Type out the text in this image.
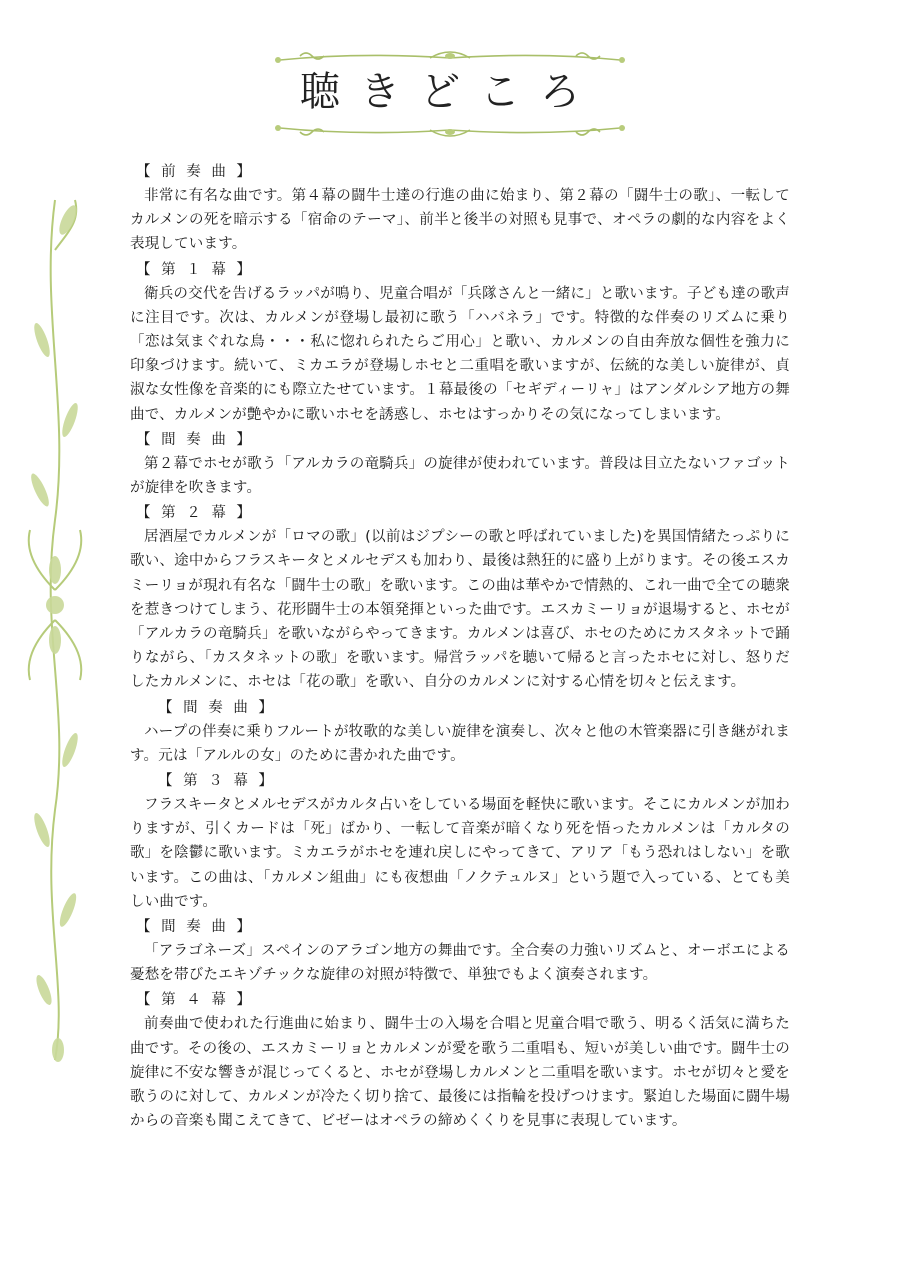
聴きどころ

【 前 奏 曲 】

非常に有名な曲です。第４幕の闘牛士達の行進の曲に始まり、第２幕の「闘牛士の歌」、一転してカルメンの死を暗示する「宿命のテーマ」、前半と後半の対照も見事で、オペラの劇的な内容をよく表現しています。

【 第 １ 幕 】

衛兵の交代を告げるラッパが鳴り、児童合唱が「兵隊さんと一緒に」と歌います。子ども達の歌声に注目です。次は、カルメンが登場し最初に歌う「ハバネラ」です。特徴的な伴奏のリズムに乗り「恋は気まぐれな鳥・・・私に惚れられたらご用心」と歌い、カルメンの自由奔放な個性を強力に印象づけます。続いて、ミカエラが登場しホセと二重唱を歌いますが、伝統的な美しい旋律が、貞淑な女性像を音楽的にも際立たせています。１幕最後の「セギディーリャ」はアンダルシア地方の舞曲で、カルメンが艶やかに歌いホセを誘惑し、ホセはすっかりその気になってしまいます。

【 間 奏 曲 】

第２幕でホセが歌う「アルカラの竜騎兵」の旋律が使われています。普段は目立たないファゴットが旋律を吹きます。

【 第 ２ 幕 】

居酒屋でカルメンが「ロマの歌」(以前はジプシーの歌と呼ばれていました)を異国情緒たっぷりに歌い、途中からフラスキータとメルセデスも加わり、最後は熱狂的に盛り上がります。その後エスカミーリョが現れ有名な「闘牛士の歌」を歌います。この曲は華やかで情熱的、これ一曲で全ての聴衆を惹きつけてしまう、花形闘牛士の本領発揮といった曲です。エスカミーリョが退場すると、ホセが「アルカラの竜騎兵」を歌いながらやってきます。カルメンは喜び、ホセのためにカスタネットで踊りながら、「カスタネットの歌」を歌います。帰営ラッパを聴いて帰ると言ったホセに対し、怒りだしたカルメンに、ホセは「花の歌」を歌い、自分のカルメンに対する心情を切々と伝えます。

【 間 奏 曲 】

ハープの伴奏に乗りフルートが牧歌的な美しい旋律を演奏し、次々と他の木管楽器に引き継がれます。元は「アルルの女」のために書かれた曲です。

【 第 ３ 幕 】

フラスキータとメルセデスがカルタ占いをしている場面を軽快に歌います。そこにカルメンが加わりますが、引くカードは「死」ばかり、一転して音楽が暗くなり死を悟ったカルメンは「カルタの歌」を陰鬱に歌います。ミカエラがホセを連れ戻しにやってきて、アリア「もう恐れはしない」を歌います。この曲は、「カルメン組曲」にも夜想曲「ノクテュルヌ」という題で入っている、とても美しい曲です。

【 間 奏 曲 】

「アラゴネーズ」スペインのアラゴン地方の舞曲です。全合奏の力強いリズムと、オーボエによる憂愁を帯びたエキゾチックな旋律の対照が特徴で、単独でもよく演奏されます。

【 第 ４ 幕 】

前奏曲で使われた行進曲に始まり、闘牛士の入場を合唱と児童合唱で歌う、明るく活気に満ちた曲です。その後の、エスカミーリョとカルメンが愛を歌う二重唱も、短いが美しい曲です。闘牛士の旋律に不安な響きが混じってくると、ホセが登場しカルメンと二重唱を歌います。ホセが切々と愛を歌うのに対して、カルメンが冷たく切り捨て、最後には指輪を投げつけます。緊迫した場面に闘牛場からの音楽も聞こえてきて、ビゼーはオペラの締めくくりを見事に表現しています。
